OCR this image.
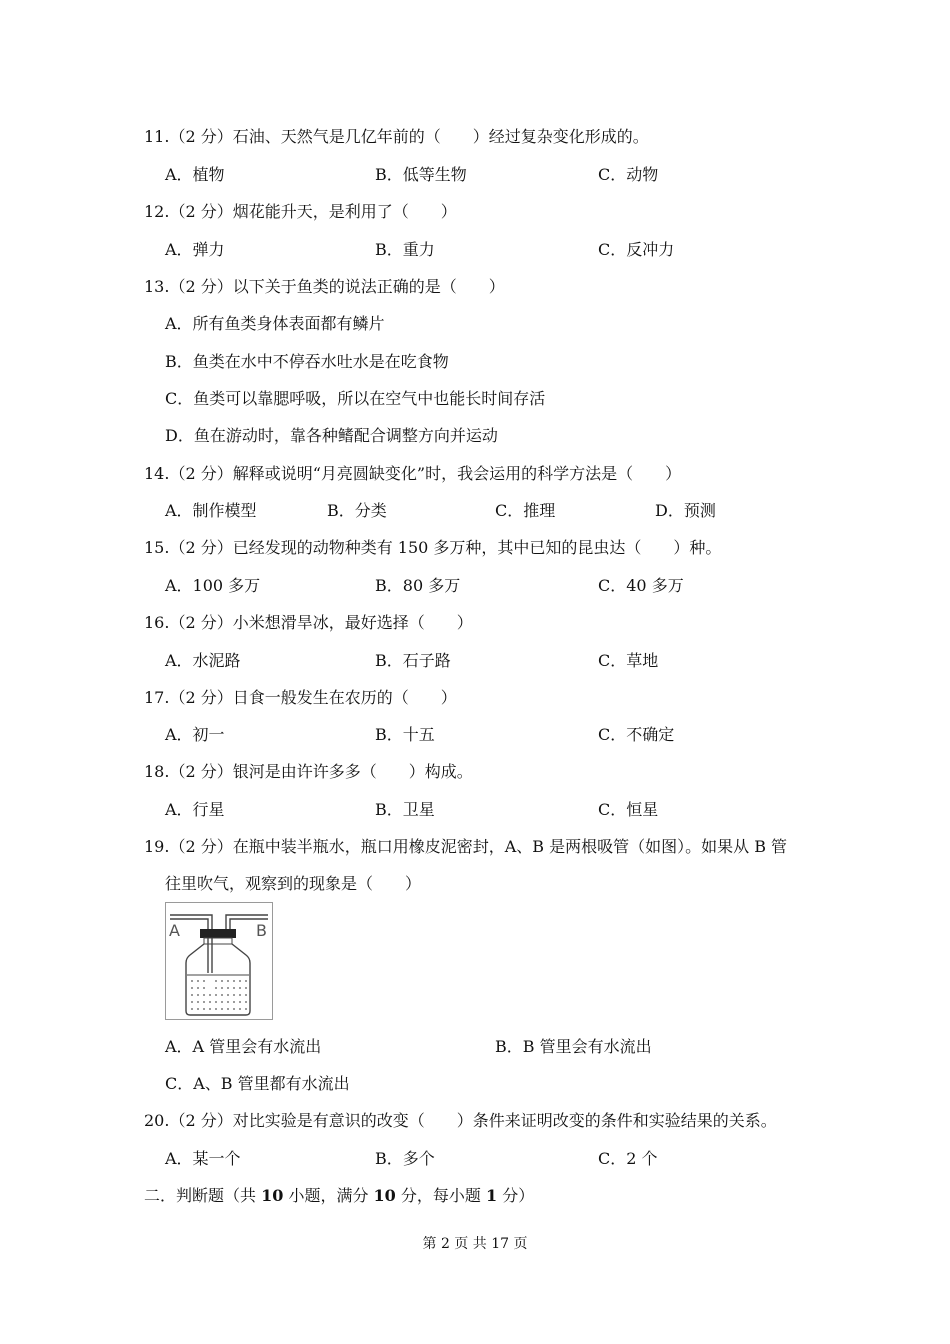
11.（2 分）石油、天然气是几亿年前的（　　）经过复杂变化形成的。
A．植物	B．低等生物	C．动物
12.（2 分）烟花能升天，是利用了（　　）
A．弹力	B．重力	C．反冲力
13.（2 分）以下关于鱼类的说法正确的是（　　）
A．所有鱼类身体表面都有鳞片
B．鱼类在水中不停吞水吐水是在吃食物
C．鱼类可以靠腮呼吸，所以在空气中也能长时间存活
D．鱼在游动时，靠各种鳍配合调整方向并运动
14.（2 分）解释或说明“月亮圆缺变化”时，我会运用的科学方法是（　　）
A．制作模型	B．分类	C．推理	D．预测
15.（2 分）已经发现的动物种类有 150 多万种，其中已知的昆虫达（　　）种。
A．100 多万	B．80 多万	C．40 多万
16.（2 分）小米想滑旱冰，最好选择（　　）
A．水泥路	B．石子路	C．草地
17.（2 分）日食一般发生在农历的（　　）
A．初一	B．十五	C．不确定
18.（2 分）银河是由许许多多（　　）构成。
A．行星	B．卫星	C．恒星
19.（2 分）在瓶中装半瓶水，瓶口用橡皮泥密封，A、B 是两根吸管（如图）。如果从 B 管
往里吹气，观察到的现象是（　　）
A	B
A．A 管里会有水流出	B．B 管里会有水流出
C．A、B 管里都有水流出
20.（2 分）对比实验是有意识的改变（　　）条件来证明改变的条件和实验结果的关系。
A．某一个	B．多个	C．2 个
二．判断题（共 10 小题，满分 10 分，每小题 1 分）
第 2 页 共 17 页
